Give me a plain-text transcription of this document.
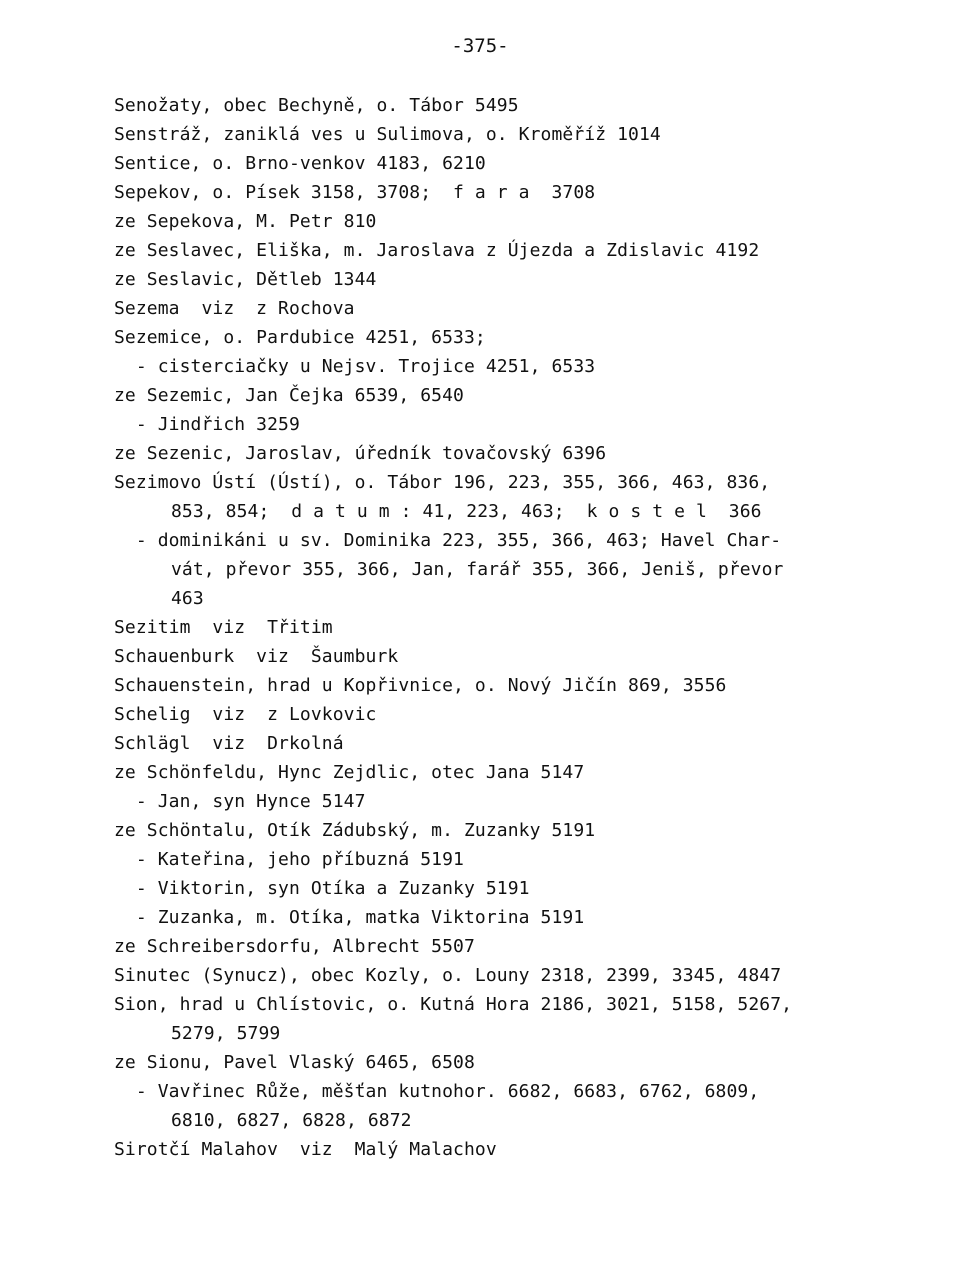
-375-
Senožaty, obec Bechyně, o. Tábor 5495
Senstráž, zaniklá ves u Sulimova, o. Kroměříž 1014
Sentice, o. Brno-venkov 4183, 6210
Sepekov, o. Písek 3158, 3708;  f a r a  3708
ze Sepekova, M. Petr 810
ze Seslavec, Eliška, m. Jaroslava z Újezda a Zdislavic 4192
ze Seslavic, Dětleb 1344
Sezema  viz  z Rochova
Sezemice, o. Pardubice 4251, 6533;
- cisterciačky u Nejsv. Trojice 4251, 6533
ze Sezemic, Jan Čejka 6539, 6540
- Jindřich 3259
ze Sezenic, Jaroslav, úředník tovačovský 6396
Sezimovo Ústí (Ústí), o. Tábor 196, 223, 355, 366, 463, 836,
853, 854;  d a t u m : 41, 223, 463;  k o s t e l  366
- dominikáni u sv. Dominika 223, 355, 366, 463; Havel Char-
vát, převor 355, 366, Jan, farář 355, 366, Jeniš, převor
463
Sezitim  viz  Třitim
Schauenburk  viz  Šaumburk
Schauenstein, hrad u Kopřivnice, o. Nový Jičín 869, 3556
Schelig  viz  z Lovkovic
Schlägl  viz  Drkolná
ze Schönfeldu, Hync Zejdlic, otec Jana 5147
- Jan, syn Hynce 5147
ze Schöntalu, Otík Zádubský, m. Zuzanky 5191
- Kateřina, jeho příbuzná 5191
- Viktorin, syn Otíka a Zuzanky 5191
- Zuzanka, m. Otíka, matka Viktorina 5191
ze Schreibersdorfu, Albrecht 5507
Sinutec (Synucz), obec Kozly, o. Louny 2318, 2399, 3345, 4847
Sion, hrad u Chlístovic, o. Kutná Hora 2186, 3021, 5158, 5267,
5279, 5799
ze Sionu, Pavel Vlaský 6465, 6508
- Vavřinec Růže, měšťan kutnohor. 6682, 6683, 6762, 6809,
6810, 6827, 6828, 6872
Sirotčí Malahov  viz  Malý Malachov
